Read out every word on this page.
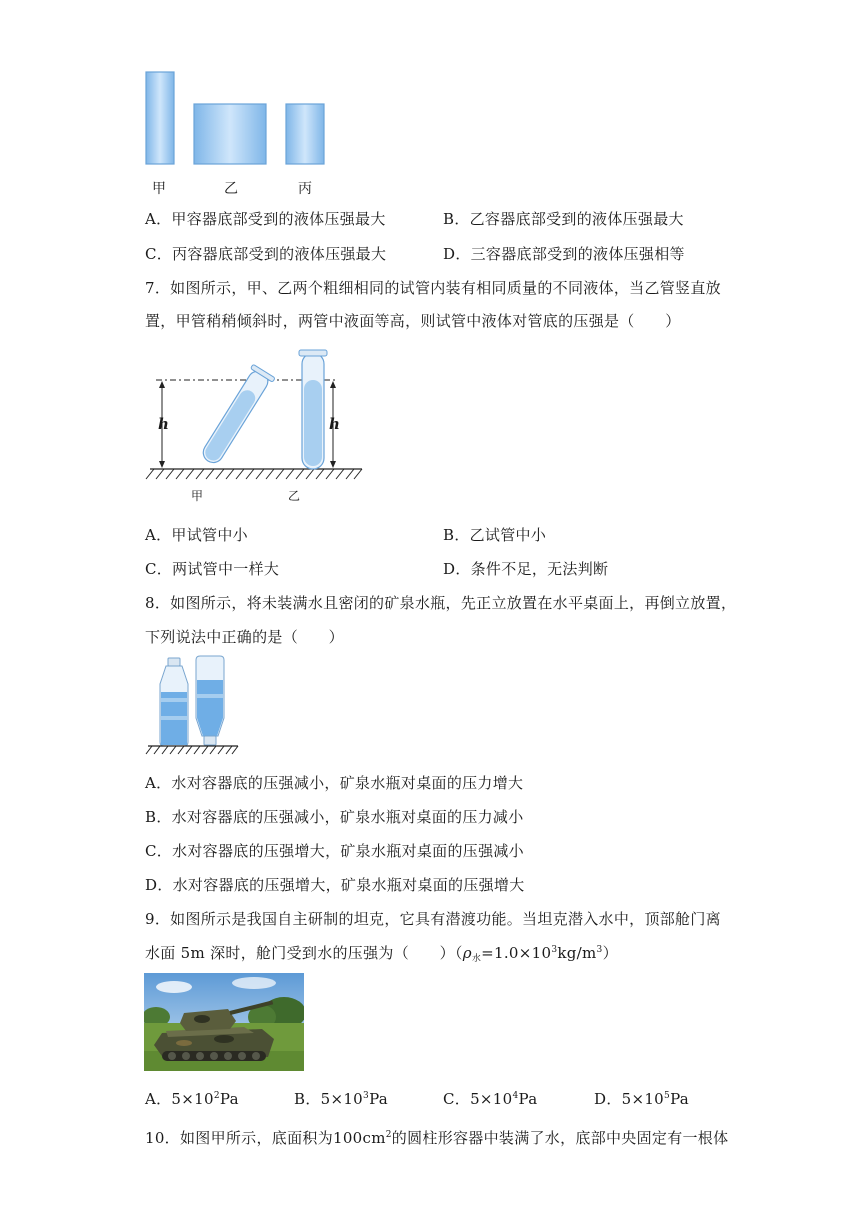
甲	乙	丙
A．甲容器底部受到的液体压强最大	B．乙容器底部受到的液体压强最大
C．丙容器底部受到的液体压强最大	D．三容器底部受到的液体压强相等
7．如图所示，甲、乙两个粗细相同的试管内装有相同质量的不同液体，当乙管竖直放
置，甲管稍稍倾斜时，两管中液面等高，则试管中液体对管底的压强是（　　）
h	h
甲	乙
A．甲试管中小	B．乙试管中小
C．两试管中一样大	D．条件不足，无法判断
8．如图所示，将未装满水且密闭的矿泉水瓶，先正立放置在水平桌面上，再倒立放置，
下列说法中正确的是（　　）
A．水对容器底的压强减小，矿泉水瓶对桌面的压力增大
B．水对容器底的压强减小，矿泉水瓶对桌面的压力减小
C．水对容器底的压强增大，矿泉水瓶对桌面的压强减小
D．水对容器底的压强增大，矿泉水瓶对桌面的压强增大
9．如图所示是我国自主研制的坦克，它具有潜渡功能。当坦克潜入水中，顶部舱门离
水面 5m 深时，舱门受到水的压强为（　　）$(\rho_水=1.0\times 10^3kg/m^3)$
A．$5\times 10^2Pa$	B．$5\times 10^3Pa$	C．$5\times 10^4Pa$	D．$5\times 10^5Pa$
10．如图甲所示，底面积为$100cm^2$的圆柱形容器中装满了水，底部中央固定有一根体
